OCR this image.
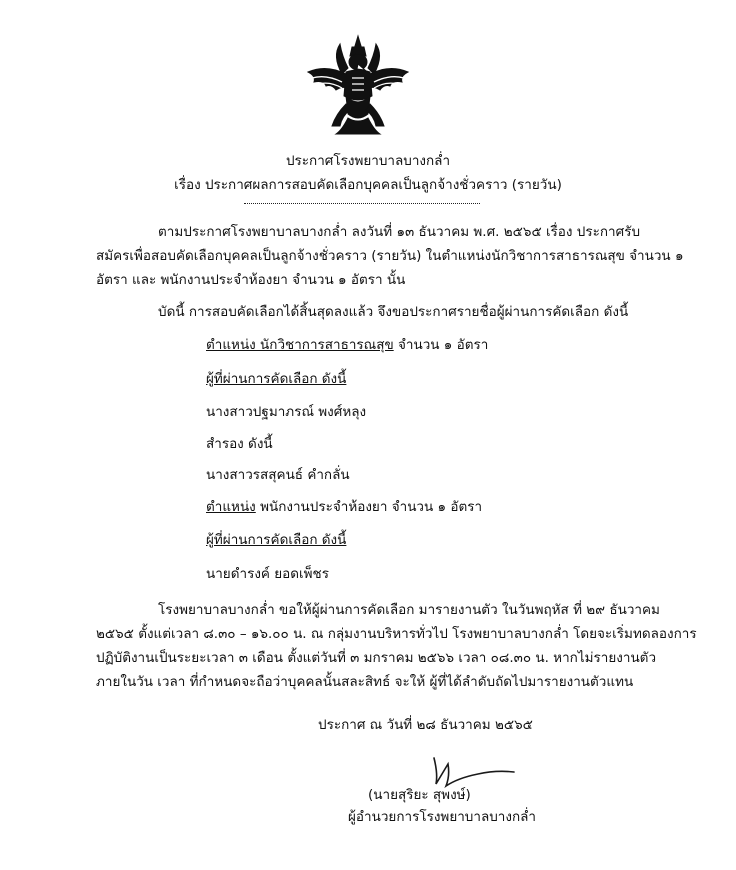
ประกาศโรงพยาบาลบางกล่ำ
เรื่อง ประกาศผลการสอบคัดเลือกบุคคลเป็นลูกจ้างชั่วคราว (รายวัน)
ตามประกาศโรงพยาบาลบางกล่ำ ลงวันที่ ๑๓ ธันวาคม พ.ศ. ๒๕๖๕ เรื่อง ประกาศรับ
สมัครเพื่อสอบคัดเลือกบุคคลเป็นลูกจ้างชั่วคราว (รายวัน) ในตำแหน่งนักวิชาการสาธารณสุข จำนวน ๑
อัตรา และ พนักงานประจำห้องยา จำนวน ๑ อัตรา นั้น
บัดนี้ การสอบคัดเลือกได้สิ้นสุดลงแล้ว จึงขอประกาศรายชื่อผู้ผ่านการคัดเลือก ดังนี้
ตำแหน่ง นักวิชาการสาธารณสุข จำนวน ๑ อัตรา
ผู้ที่ผ่านการคัดเลือก ดังนี้
นางสาวปฐมาภรณ์ พงศ์หลุง
สำรอง ดังนี้
นางสาวรสสุคนธ์ คำกลั่น
ตำแหน่ง พนักงานประจำห้องยา จำนวน ๑ อัตรา
ผู้ที่ผ่านการคัดเลือก ดังนี้
นายดำรงค์ ยอดเพ็ชร
โรงพยาบาลบางกล่ำ ขอให้ผู้ผ่านการคัดเลือก มารายงานตัว ในวันพฤหัส ที่ ๒๙ ธันวาคม
๒๕๖๕ ตั้งแต่เวลา ๘.๓๐ – ๑๖.๐๐ น. ณ กลุ่มงานบริหารทั่วไป โรงพยาบาลบางกล่ำ โดยจะเริ่มทดลองการ
ปฏิบัติงานเป็นระยะเวลา ๓ เดือน ตั้งแต่วันที่ ๓ มกราคม ๒๕๖๖ เวลา ๐๘.๓๐ น. หากไม่รายงานตัว
ภายในวัน เวลา ที่กำหนดจะถือว่าบุคคลนั้นสละสิทธ์ จะให้ ผู้ที่ได้ลำดับถัดไปมารายงานตัวแทน
ประกาศ ณ วันที่ ๒๘ ธันวาคม ๒๕๖๕
(นายสุริยะ สุพงษ์)
ผู้อำนวยการโรงพยาบาลบางกล่ำ
